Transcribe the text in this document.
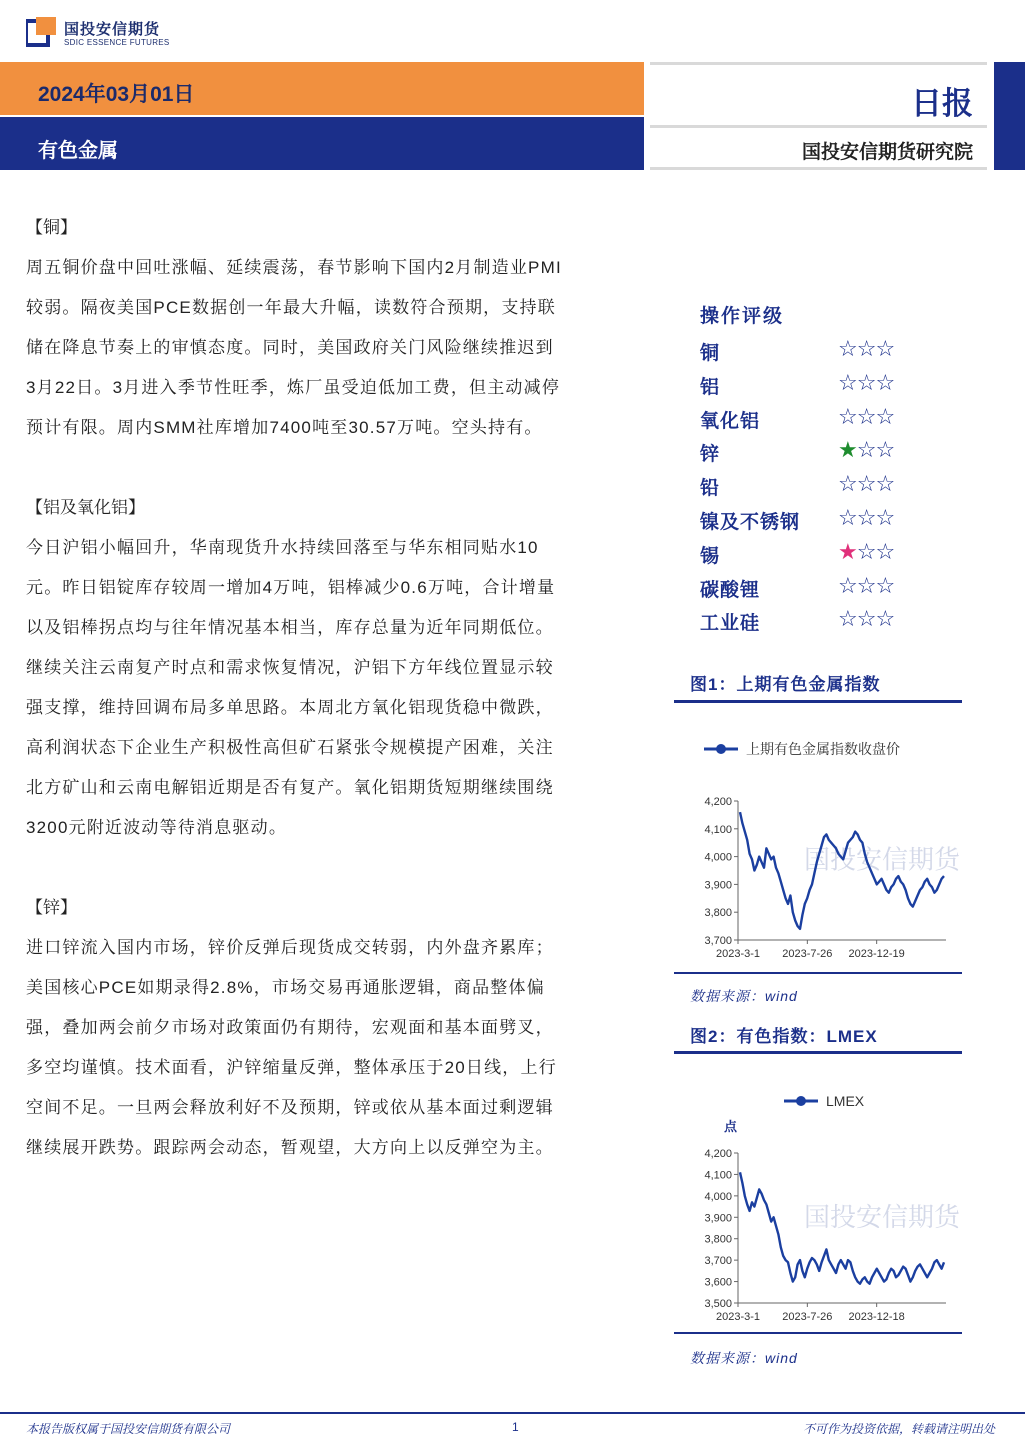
国投安信期货
SDIC ESSENCE FUTURES
2024年03月01日
有色金属
日报
国投安信期货研究院
【铜】
周五铜价盘中回吐涨幅、延续震荡，春节影响下国内2月制造业PMI
较弱。隔夜美国PCE数据创一年最大升幅，读数符合预期，支持联
储在降息节奏上的审慎态度。同时，美国政府关门风险继续推迟到
3月22日。3月进入季节性旺季，炼厂虽受迫低加工费，但主动减停
预计有限。周内SMM社库增加7400吨至30.57万吨。空头持有。
【铝及氧化铝】
今日沪铝小幅回升，华南现货升水持续回落至与华东相同贴水10
元。昨日铝锭库存较周一增加4万吨，铝棒减少0.6万吨，合计增量
以及铝棒拐点均与往年情况基本相当，库存总量为近年同期低位。
继续关注云南复产时点和需求恢复情况，沪铝下方年线位置显示较
强支撑，维持回调布局多单思路。本周北方氧化铝现货稳中微跌，
高利润状态下企业生产积极性高但矿石紧张令规模提产困难，关注
北方矿山和云南电解铝近期是否有复产。氧化铝期货短期继续围绕
3200元附近波动等待消息驱动。
【锌】
进口锌流入国内市场，锌价反弹后现货成交转弱，内外盘齐累库；
美国核心PCE如期录得2.8%，市场交易再通胀逻辑，商品整体偏
强，叠加两会前夕市场对政策面仍有期待，宏观面和基本面劈叉，
多空均谨慎。技术面看，沪锌缩量反弹，整体承压于20日线，上行
空间不足。一旦两会释放利好不及预期，锌或依从基本面过剩逻辑
继续展开跌势。跟踪两会动态，暂观望，大方向上以反弹空为主。
操作评级
铜	☆☆☆
铝	☆☆☆
氧化铝	☆☆☆
锌	★☆☆
铅	☆☆☆
镍及不锈钢 ☆☆☆
锡	★☆☆
碳酸锂	☆☆☆
工业硅	☆☆☆
图1：上期有色金属指数
上期有色金属指数收盘价
国投安信期货
4,200
4,100
4,000
3,900
3,800
3,700
2023-3-1 2023-7-26 2023-12-19
数据来源：wind
图2：有色指数：LMEX
LMEX
点
国投安信期货
4,200
4,100
4,000
3,900
3,800
3,700
3,600
3,500
2023-3-1 2023-7-26 2023-12-18
数据来源：wind
本报告版权属于国投安信期货有限公司	1	不可作为投资依据，转载请注明出处
